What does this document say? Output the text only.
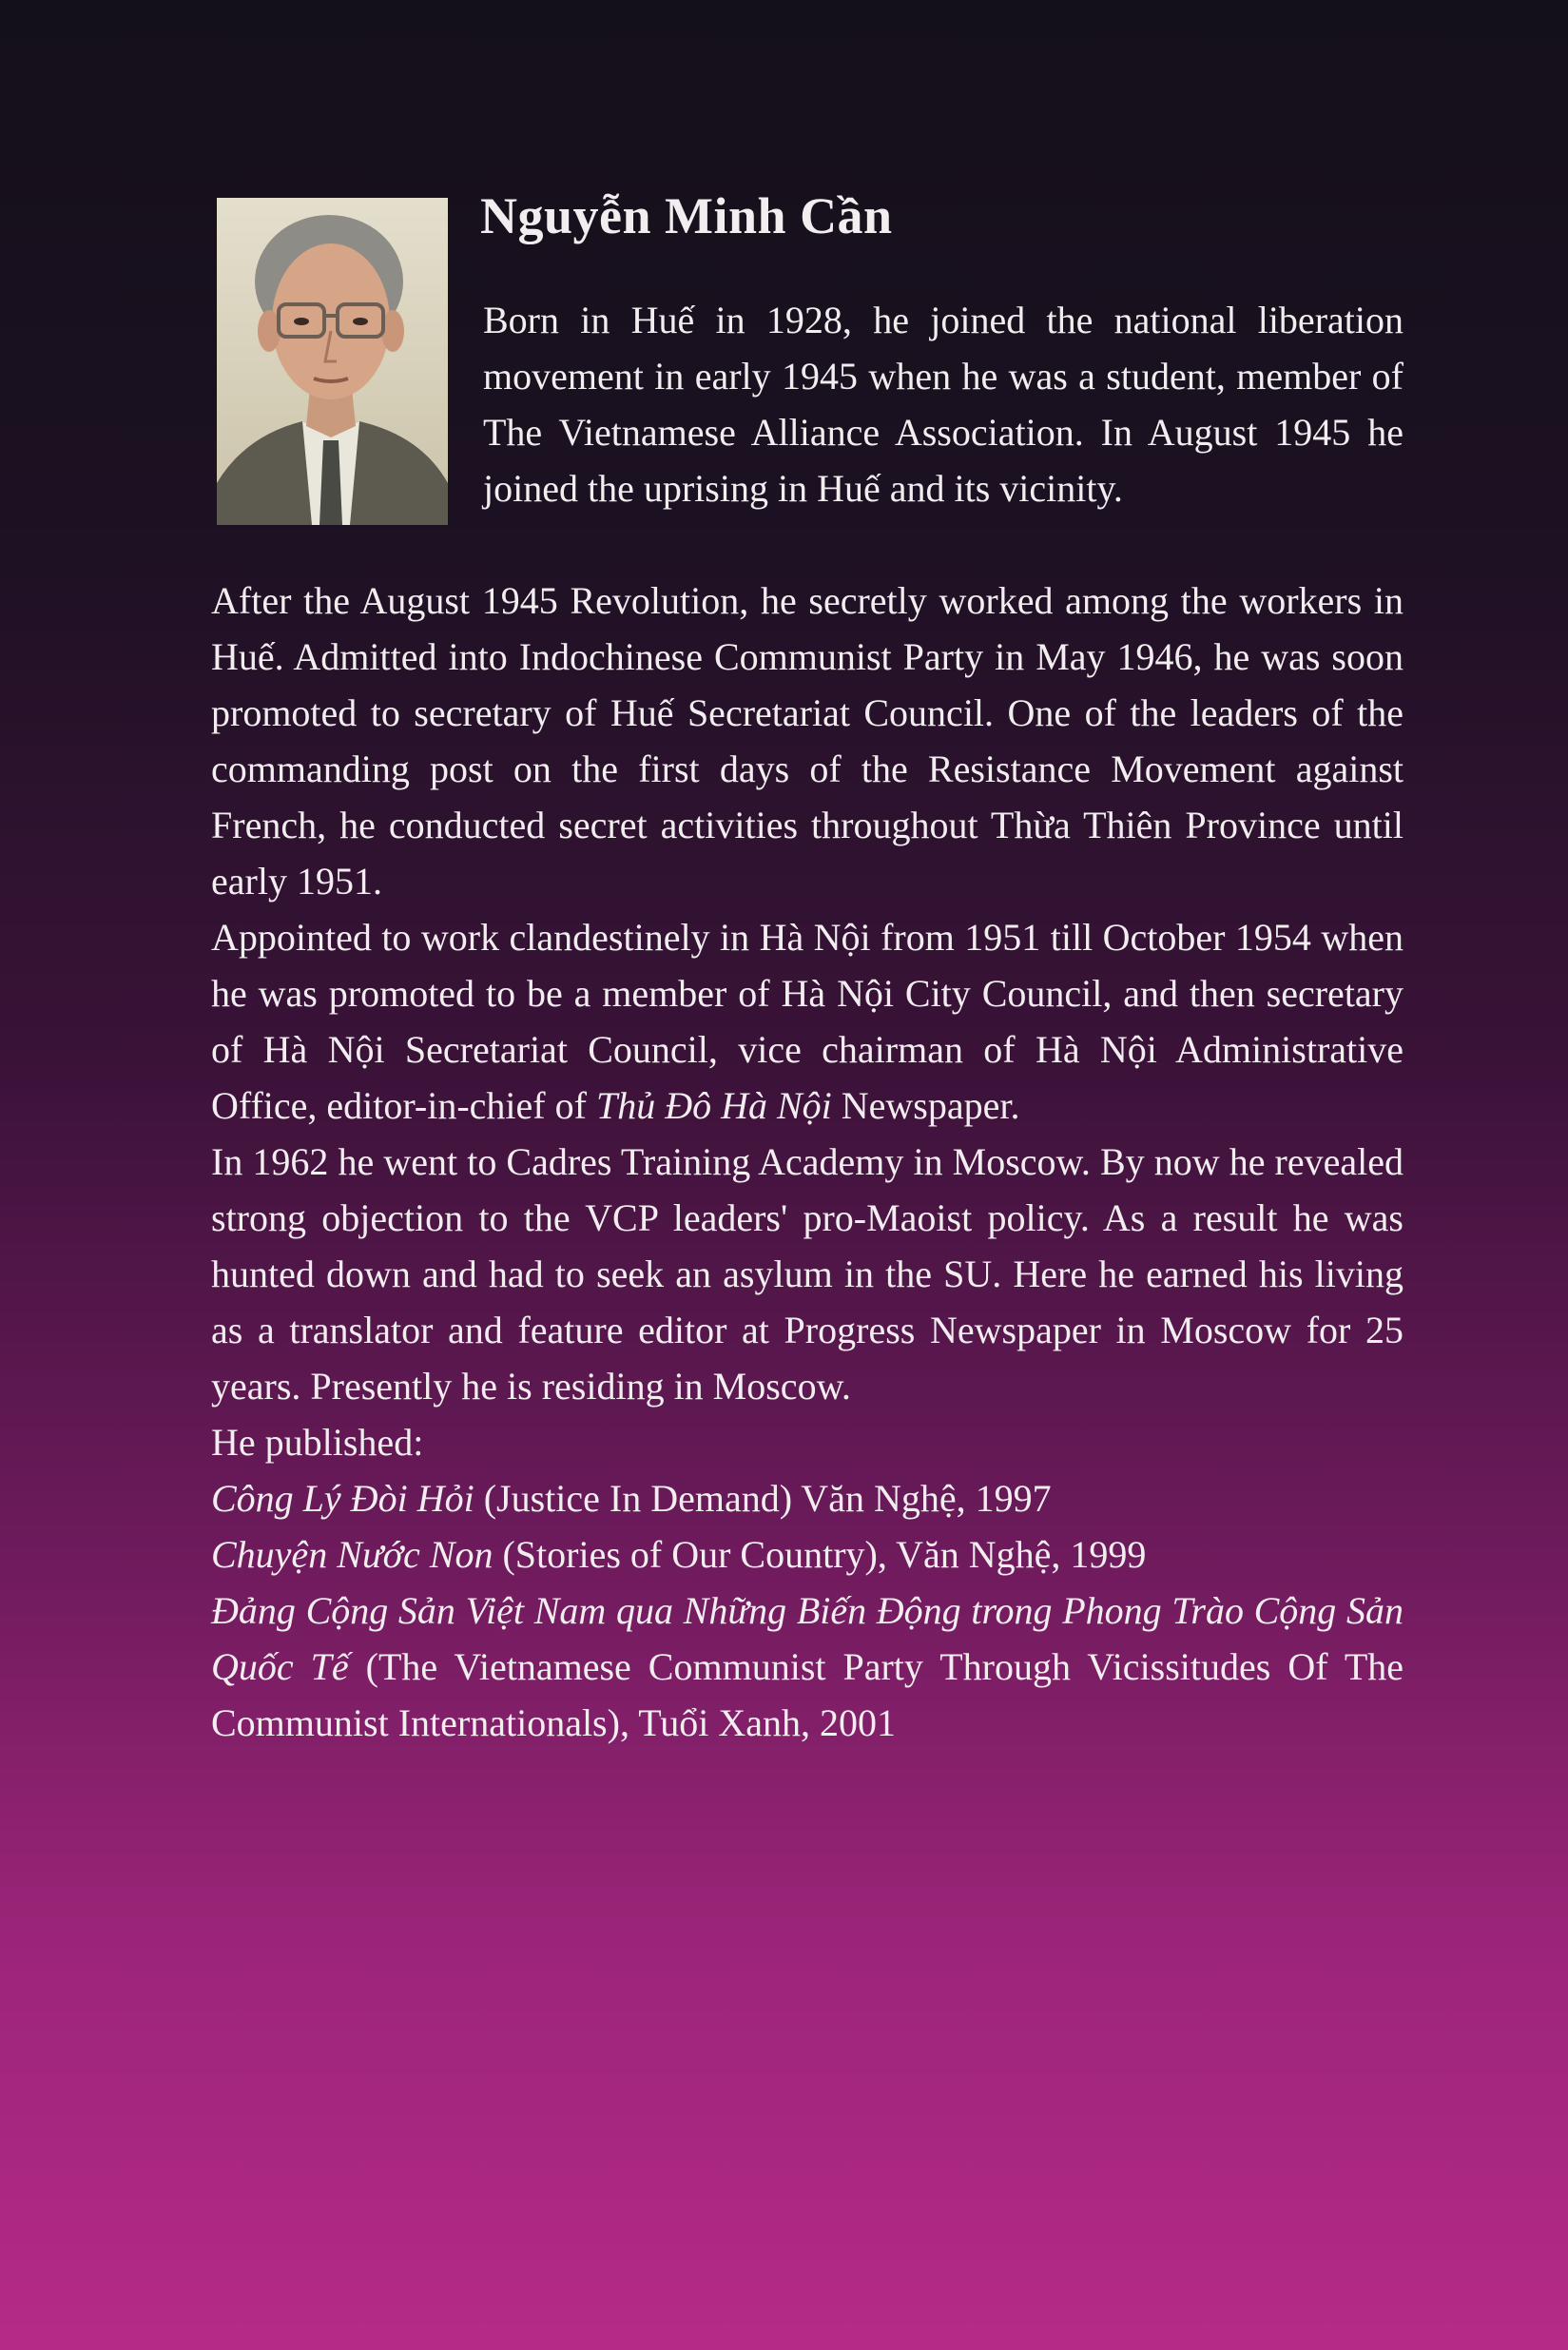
Nguyễn Minh Cần

Born in Huế in 1928, he joined the national liberation movement in early 1945 when he was a student, member of The Vietnamese Alliance Association. In August 1945 he joined the uprising in Huế and its vicinity.

After the August 1945 Revolution, he secretly worked among the workers in Huế. Admitted into Indochinese Communist Party in May 1946, he was soon promoted to secretary of Huế Secretariat Council. One of the leaders of the commanding post on the first days of the Resistance Movement against French, he conducted secret activities throughout Thừa Thiên Province until early 1951.

Appointed to work clandestinely in Hà Nội from 1951 till October 1954 when he was promoted to be a member of Hà Nội City Council, and then secretary of Hà Nội Secretariat Council, vice chairman of Hà Nội Administrative Office, editor-in-chief of Thủ Đô Hà Nội Newspaper.

In 1962 he went to Cadres Training Academy in Moscow. By now he revealed strong objection to the VCP leaders' pro-Maoist policy. As a result he was hunted down and had to seek an asylum in the SU. Here he earned his living as a translator and feature editor at Progress Newspaper in Moscow for 25 years. Presently he is residing in Moscow.

He published:

Công Lý Đòi Hỏi (Justice In Demand) Văn Nghệ, 1997

Chuyện Nước Non (Stories of Our Country), Văn Nghệ, 1999

Đảng Cộng Sản Việt Nam qua Những Biến Động trong Phong Trào Cộng Sản Quốc Tế (The Vietnamese Communist Party Through Vicissitudes Of The Communist Internationals), Tuổi Xanh, 2001
